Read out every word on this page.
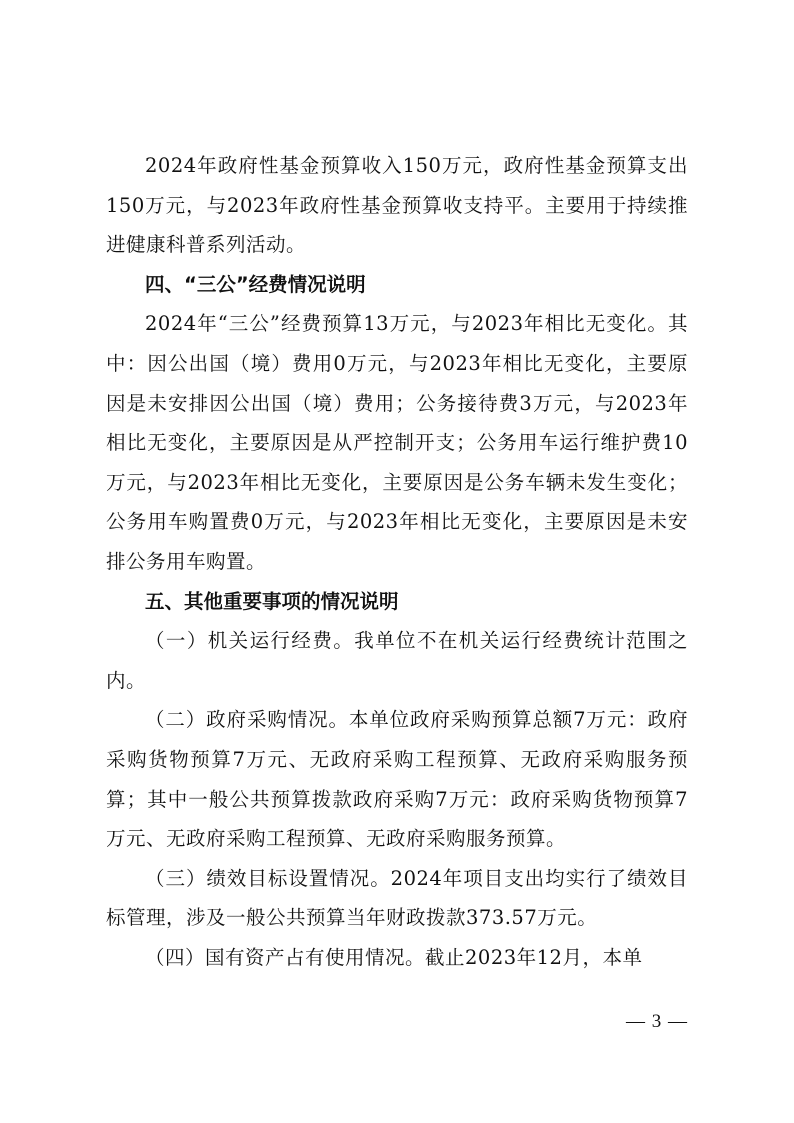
2024年政府性基金预算收入150万元，政府性基金预算支出 150万元，与2023年政府性基金预算收支持平。主要用于持续推进健康科普系列活动。

四、“三公”经费情况说明

2024年“三公”经费预算13万元，与2023年相比无变化。其中：因公出国（境）费用0万元，与2023年相比无变化，主要原因是未安排因公出国（境）费用；公务接待费3万元，与2023年相比无变化，主要原因是从严控制开支；公务用车运行维护费10万元，与2023年相比无变化，主要原因是公务车辆未发生变化；公务用车购置费0万元，与2023年相比无变化，主要原因是未安排公务用车购置。

五、其他重要事项的情况说明

（一）机关运行经费。我单位不在机关运行经费统计范围之内。

（二）政府采购情况。本单位政府采购预算总额7万元：政府采购货物预算7万元、无政府采购工程预算、无政府采购服务预算；其中一般公共预算拨款政府采购7万元：政府采购货物预算7万元、无政府采购工程预算、无政府采购服务预算。

（三）绩效目标设置情况。2024年项目支出均实行了绩效目标管理，涉及一般公共预算当年财政拨款373.57万元。

（四）国有资产占有使用情况。截止2023年12月，本单

— 3 —
